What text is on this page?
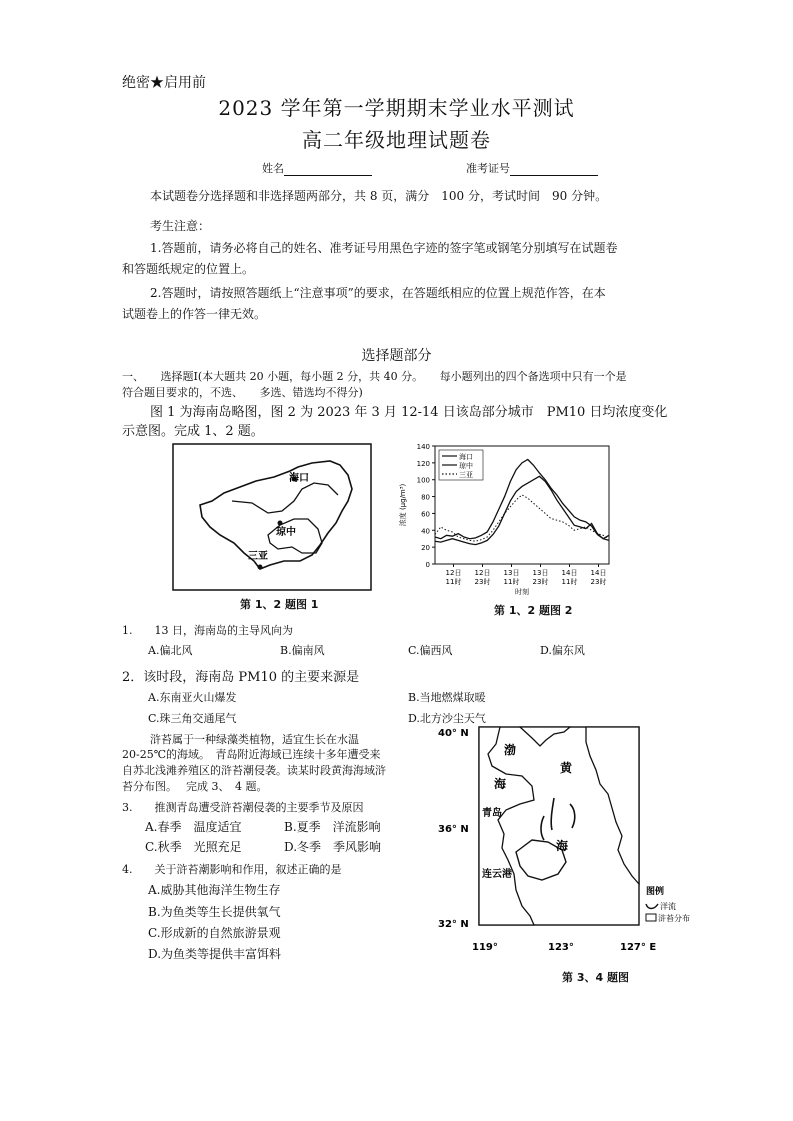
绝密★启用前
2023 学年第一学期期末学业水平测试
高二年级地理试题卷
姓名	准考证号
本试题卷分选择题和非选择题两部分，共 8 页，满分　100 分，考试时间　90 分钟。
考生注意：
1.答题前，请务必将自己的姓名、准考证号用黑色字迹的签字笔或钢笔分别填写在试题卷
和答题纸规定的位置上。
2.答题时，请按照答题纸上“注意事项”的要求，在答题纸相应的位置上规范作答，在本
试题卷上的作答一律无效。
选择题部分
一、　　选择题Ⅰ(本大题共 20 小题，每小题 2 分，共 40 分。　　每小题列出的四个备选项中只有一个是
符合题目要求的，不选、　　多选、错选均不得分)
图 1 为海南岛略图，图 2 为 2023 年 3 月 12-14 日该岛部分城市　PM10 日均浓度变化
示意图。完成 1、2 题。
海口
琼中
三亚
第 1、2 题图 1
0
20
40
60
80
100
120
140
12日
11时
12日
23时
13日
11时
13日
23时
14日
11时
14日
23时
时刻
浓度 (μg/m³)
海口
琼中
三亚
第 1、2 题图 2
1.　　13 日，海南岛的主导风向为
A.偏北风	B.偏南风	C.偏西风	D.偏东风
2．该时段，海南岛 PM10 的主要来源是
A.东南亚火山爆发	B.当地燃煤取暖
C.珠三角交通尾气	D.北方沙尘天气
浒苔属于一种绿藻类植物，适宜生长在水温
20-25℃的海域。　青岛附近海域已连续十多年遭受来
自苏北浅滩养殖区的浒苔潮侵袭。读某时段黄海海域浒
苔分布图。　 完成 3、　4 题。
3.　　推测青岛遭受浒苔潮侵袭的主要季节及原因
A.春季　温度适宜	B.夏季　洋流影响
C.秋季　光照充足	D.冬季　季风影响
4.　　关于浒苔潮影响和作用，叙述正确的是
A.威胁其他海洋生物生存
B.为鱼类等生长提供氧气
C.形成新的自然旅游景观
D.为鱼类等提供丰富饵料
渤
海
黄
海
青岛
连云港
40° N
36° N
32° N
119°	123°	127° E
图例
洋流
浒苔分布
第 3、4 题图
